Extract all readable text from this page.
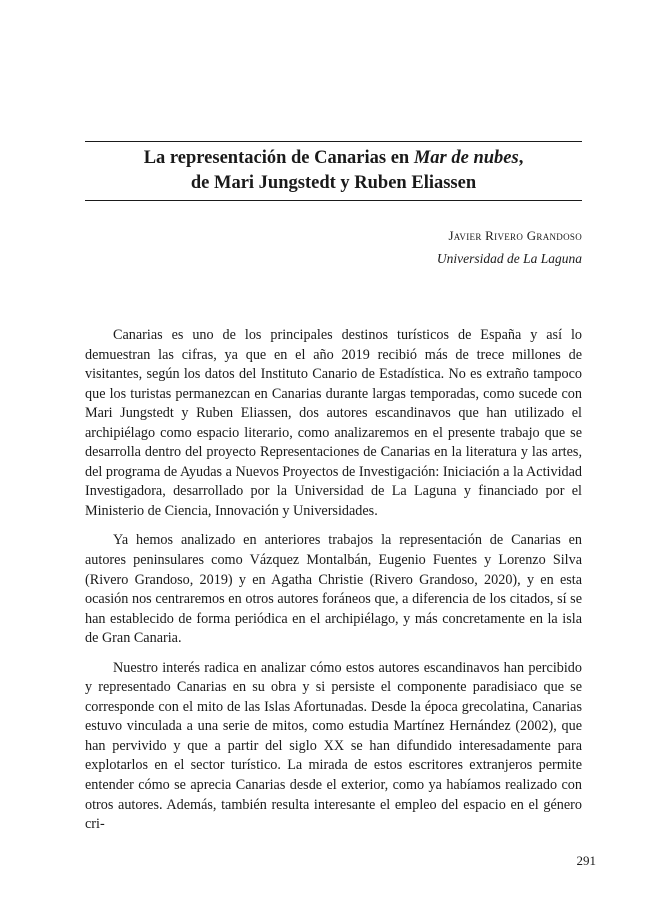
La representación de Canarias en Mar de nubes,
de Mari Jungstedt y Ruben Eliassen
Javier Rivero Grandoso
Universidad de La Laguna

Canarias es uno de los principales destinos turísticos de España y así lo demuestran las cifras, ya que en el año 2019 recibió más de trece millones de visitantes, según los datos del Instituto Canario de Estadística. No es extraño tampoco que los turistas permanezcan en Canarias durante largas temporadas, como sucede con Mari Jungstedt y Ruben Eliassen, dos autores escandinavos que han utilizado el archipiélago como espacio literario, como analizaremos en el presente trabajo que se desarrolla dentro del proyecto Representaciones de Canarias en la literatura y las artes, del programa de Ayudas a Nuevos Proyectos de Investigación: Iniciación a la Actividad Investigadora, desarrollado por la Universidad de La Laguna y financiado por el Ministerio de Ciencia, Innovación y Universidades.

Ya hemos analizado en anteriores trabajos la representación de Canarias en autores peninsulares como Vázquez Montalbán, Eugenio Fuentes y Lorenzo Silva (Rivero Grandoso, 2019) y en Agatha Christie (Rivero Grandoso, 2020), y en esta ocasión nos centraremos en otros autores foráneos que, a diferencia de los citados, sí se han establecido de forma periódica en el archipiélago, y más concretamente en la isla de Gran Canaria.

Nuestro interés radica en analizar cómo estos autores escandinavos han percibido y representado Canarias en su obra y si persiste el componente paradisiaco que se corresponde con el mito de las Islas Afortunadas. Desde la época grecolatina, Canarias estuvo vinculada a una serie de mitos, como estudia Martínez Hernández (2002), que han pervivido y que a partir del siglo XX se han difundido interesadamente para explotarlos en el sector turístico. La mirada de estos escritores extranjeros permite entender cómo se aprecia Canarias desde el exterior, como ya habíamos realizado con otros autores. Además, también resulta interesante el empleo del espacio en el género cri-

291
